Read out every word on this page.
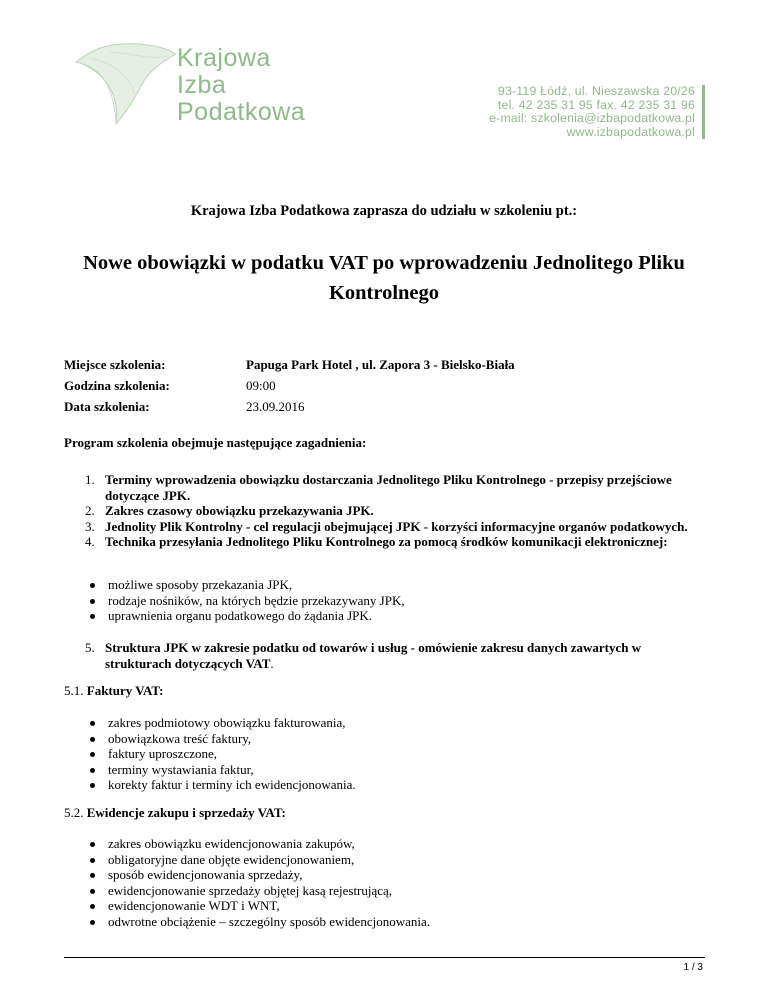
Krajowa
Izba
Podatkowa
93-119 Łódź, ul. Nieszawska 20/26
tel. 42 235 31 95 fax. 42 235 31 96
e-mail: szkolenia@izbapodatkowa.pl
www.izbapodatkowa.pl
Krajowa Izba Podatkowa zaprasza do udziału w szkoleniu pt.:
Nowe obowiązki w podatku VAT po wprowadzeniu Jednolitego Pliku
Kontrolnego
Miejsce szkolenia:	Papuga Park Hotel , ul. Zapora 3 - Bielsko-Biała
Godzina szkolenia:	09:00
Data szkolenia:	23.09.2016
Program szkolenia obejmuje następujące zagadnienia:
1. Terminy wprowadzenia obowiązku dostarczania Jednolitego Pliku Kontrolnego - przepisy przejściowe dotyczące JPK.
2. Zakres czasowy obowiązku przekazywania JPK.
3. Jednolity Plik Kontrolny - cel regulacji obejmującej JPK - korzyści informacyjne organów podatkowych.
4. Technika przesyłania Jednolitego Pliku Kontrolnego za pomocą środków komunikacji elektronicznej:
możliwe sposoby przekazania JPK,
rodzaje nośników, na których będzie przekazywany JPK,
uprawnienia organu podatkowego do żądania JPK.
5. Struktura JPK w zakresie podatku od towarów i usług - omówienie zakresu danych zawartych w strukturach dotyczących VAT.
5.1. Faktury VAT:
zakres podmiotowy obowiązku fakturowania,
obowiązkowa treść faktury,
faktury uproszczone,
terminy wystawiania faktur,
korekty faktur i terminy ich ewidencjonowania.
5.2. Ewidencje zakupu i sprzedaży VAT:
zakres obowiązku ewidencjonowania zakupów,
obligatoryjne dane objęte ewidencjonowaniem,
sposób ewidencjonowania sprzedaży,
ewidencjonowanie sprzedaży objętej kasą rejestrującą,
ewidencjonowanie WDT i WNT,
odwrotne obciążenie – szczególny sposób ewidencjonowania.
1 / 3
